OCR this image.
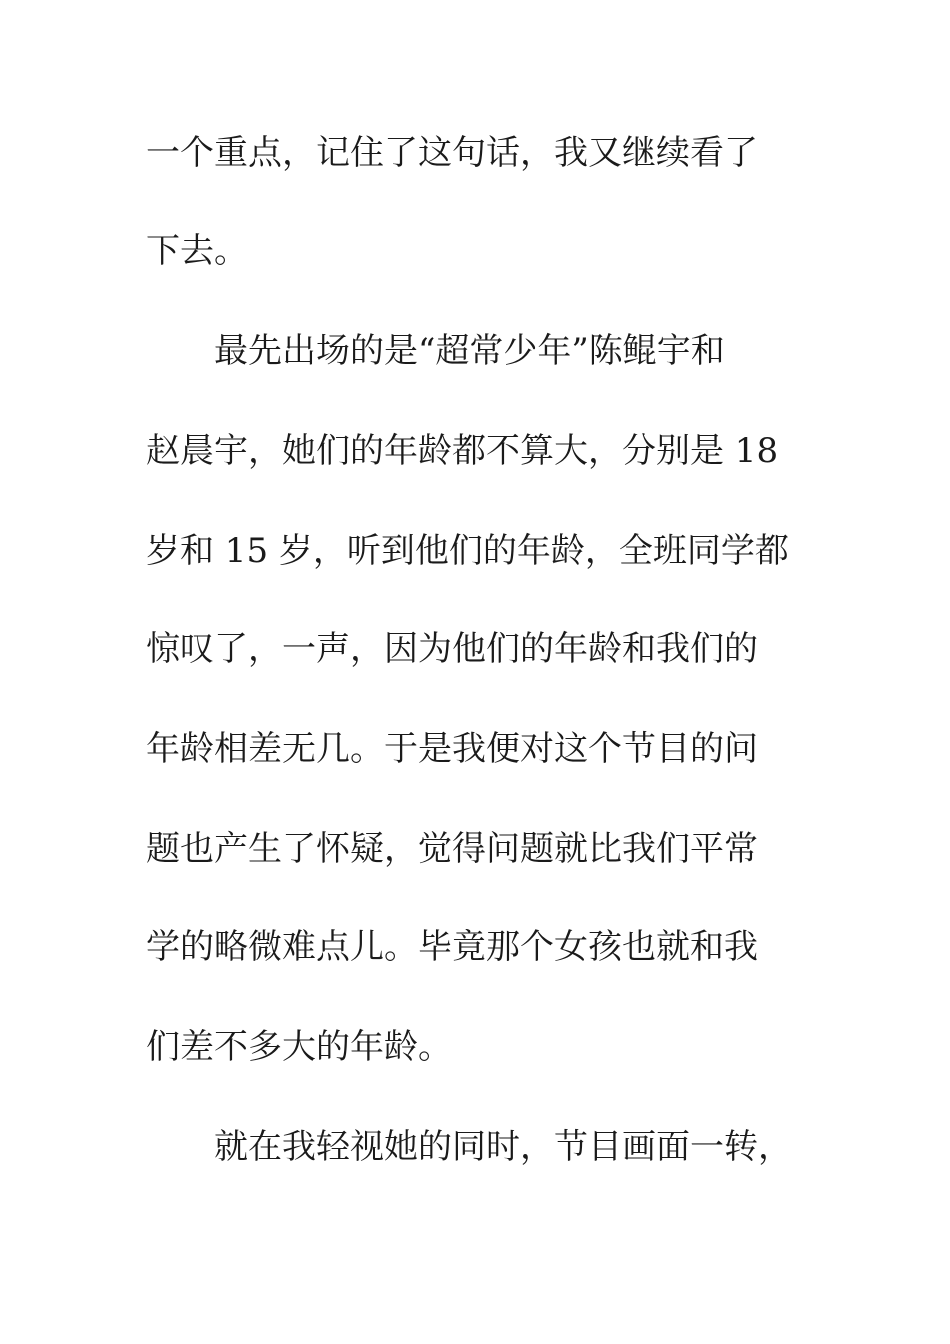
一个重点，记住了这句话，我又继续看了

下去。

最先出场的是“超常少年”陈鲲宇和

赵晨宇，她们的年龄都不算大，分别是 18

岁和 15 岁，听到他们的年龄，全班同学都

惊叹了，一声，因为他们的年龄和我们的

年龄相差无几。于是我便对这个节目的问

题也产生了怀疑，觉得问题就比我们平常

学的略微难点儿。毕竟那个女孩也就和我

们差不多大的年龄。

就在我轻视她的同时，节目画面一转，
